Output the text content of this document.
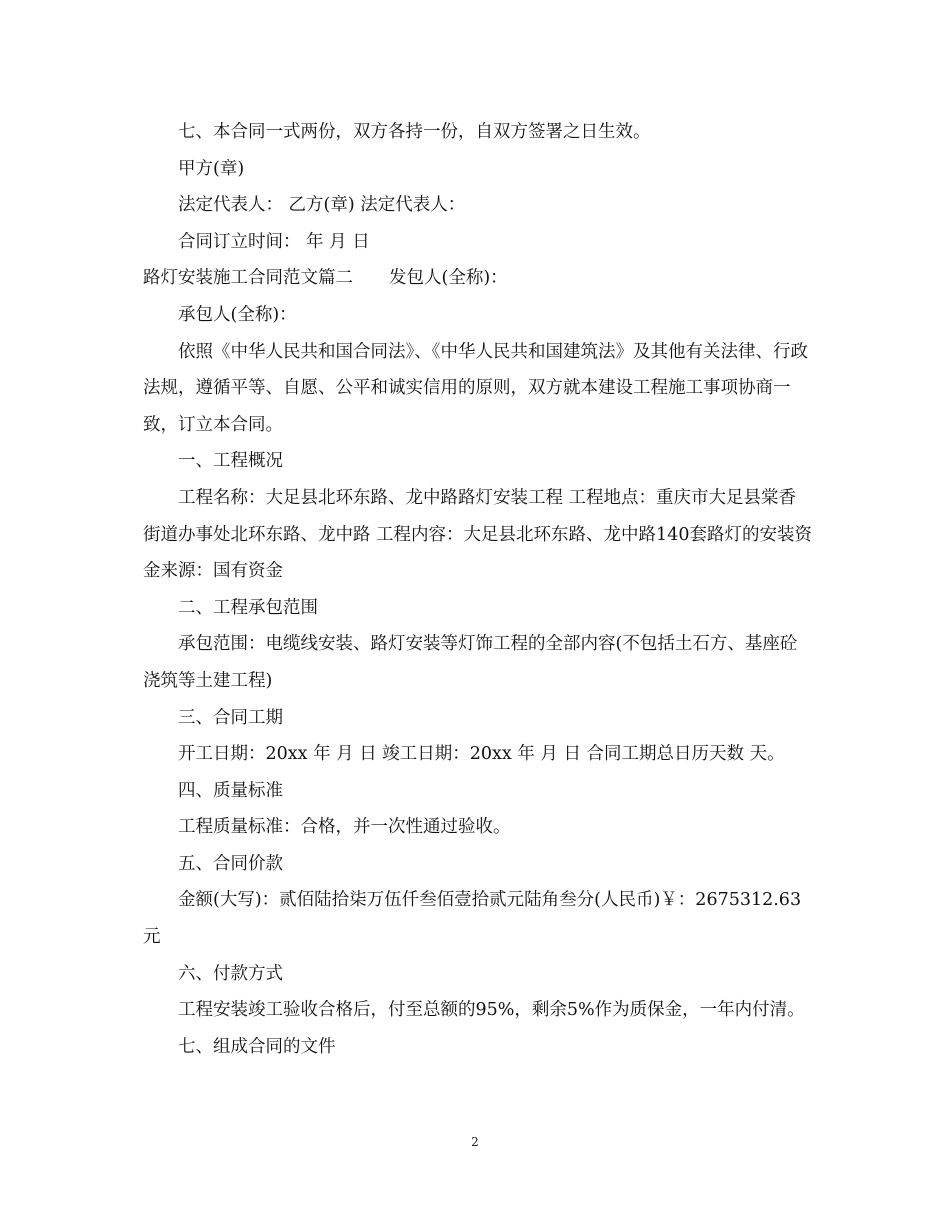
七、本合同一式两份，双方各持一份，自双方签署之日生效。

甲方(章)

法定代表人： 乙方(章) 法定代表人：

合同订立时间： 年 月 日

路灯安装施工合同范文篇二 发包人(全称)：

承包人(全称)：

依照《中华人民共和国合同法》、《中华人民共和国建筑法》及其他有关法律、行政法规，遵循平等、自愿、公平和诚实信用的原则，双方就本建设工程施工事项协商一致，订立本合同。

一、工程概况

工程名称：大足县北环东路、龙中路路灯安装工程 工程地点：重庆市大足县棠香街道办事处北环东路、龙中路 工程内容：大足县北环东路、龙中路140套路灯的安装资金来源：国有资金

二、工程承包范围

承包范围：电缆线安装、路灯安装等灯饰工程的全部内容(不包括土石方、基座砼浇筑等土建工程)

三、合同工期

开工日期：20xx 年 月 日 竣工日期：20xx 年 月 日 合同工期总日历天数 天。

四、质量标准

工程质量标准：合格，并一次性通过验收。

五、合同价款

金额(大写)：贰佰陆拾柒万伍仟叁佰壹拾贰元陆角叁分(人民币)￥：2675312.63 元

六、付款方式

工程安装竣工验收合格后，付至总额的95%，剩余5%作为质保金，一年内付清。

七、组成合同的文件

2
